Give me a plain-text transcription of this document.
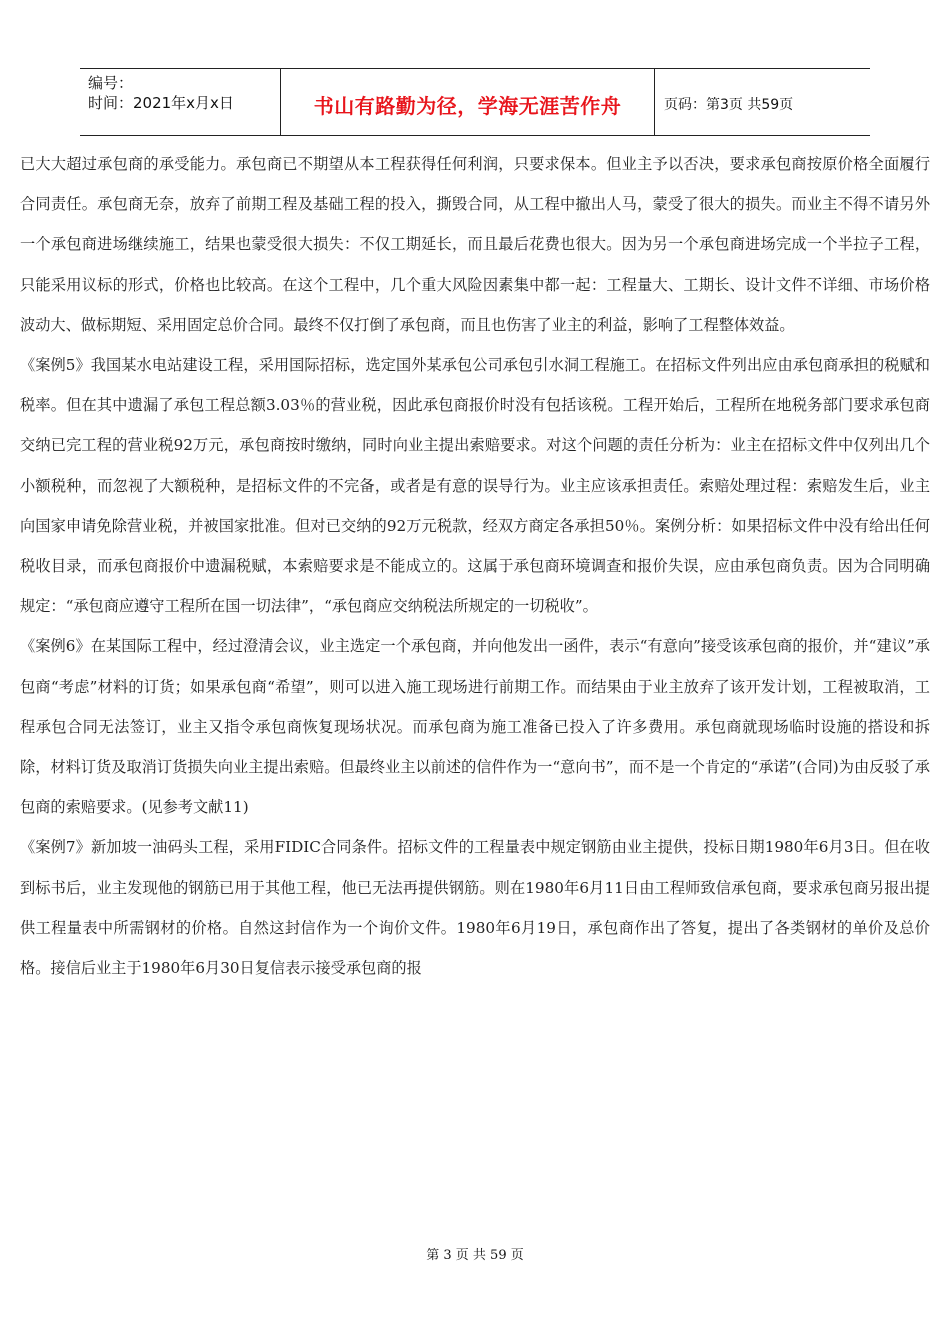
编号：
时间：2021年x月x日	书山有路勤为径，学海无涯苦作舟	页码：第3页 共59页

已大大超过承包商的承受能力。承包商已不期望从本工程获得任何利润，只要求保本。但业主予以否决，要求承包商按原价格全面履行合同责任。承包商无奈，放弃了前期工程及基础工程的投入，撕毁合同，从工程中撤出人马，蒙受了很大的损失。而业主不得不请另外一个承包商进场继续施工，结果也蒙受很大损失：不仅工期延长，而且最后花费也很大。因为另一个承包商进场完成一个半拉子工程，只能采用议标的形式，价格也比较高。在这个工程中，几个重大风险因素集中都一起：工程量大、工期长、设计文件不详细、市场价格波动大、做标期短、采用固定总价合同。最终不仅打倒了承包商，而且也伤害了业主的利益，影响了工程整体效益。

《案例5》我国某水电站建设工程，采用国际招标，选定国外某承包公司承包引水洞工程施工。在招标文件列出应由承包商承担的税赋和税率。但在其中遗漏了承包工程总额3.03％的营业税，因此承包商报价时没有包括该税。工程开始后，工程所在地税务部门要求承包商交纳已完工程的营业税92万元，承包商按时缴纳，同时向业主提出索赔要求。对这个问题的责任分析为：业主在招标文件中仅列出几个小额税种，而忽视了大额税种，是招标文件的不完备，或者是有意的误导行为。业主应该承担责任。索赔处理过程：索赔发生后，业主向国家申请免除营业税，并被国家批准。但对已交纳的92万元税款，经双方商定各承担50％。案例分析：如果招标文件中没有给出任何税收目录，而承包商报价中遗漏税赋，本索赔要求是不能成立的。这属于承包商环境调查和报价失误，应由承包商负责。因为合同明确规定：“承包商应遵守工程所在国一切法律”，“承包商应交纳税法所规定的一切税收”。

《案例6》在某国际工程中，经过澄清会议，业主选定一个承包商，并向他发出一函件，表示“有意向”接受该承包商的报价，并“建议”承包商“考虑”材料的订货；如果承包商“希望”，则可以进入施工现场进行前期工作。而结果由于业主放弃了该开发计划，工程被取消，工程承包合同无法签订，业主又指令承包商恢复现场状况。而承包商为施工准备已投入了许多费用。承包商就现场临时设施的搭设和拆除，材料订货及取消订货损失向业主提出索赔。但最终业主以前述的信件作为一“意向书”，而不是一个肯定的“承诺”(合同)为由反驳了承包商的索赔要求。(见参考文献11)

《案例7》新加坡一油码头工程，采用FIDIC合同条件。招标文件的工程量表中规定钢筋由业主提供，投标日期1980年6月3日。但在收到标书后，业主发现他的钢筋已用于其他工程，他已无法再提供钢筋。则在1980年6月11日由工程师致信承包商，要求承包商另报出提供工程量表中所需钢材的价格。自然这封信作为一个询价文件。1980年6月19日，承包商作出了答复，提出了各类钢材的单价及总价格。接信后业主于1980年6月30日复信表示接受承包商的报

第 3 页 共 59 页
